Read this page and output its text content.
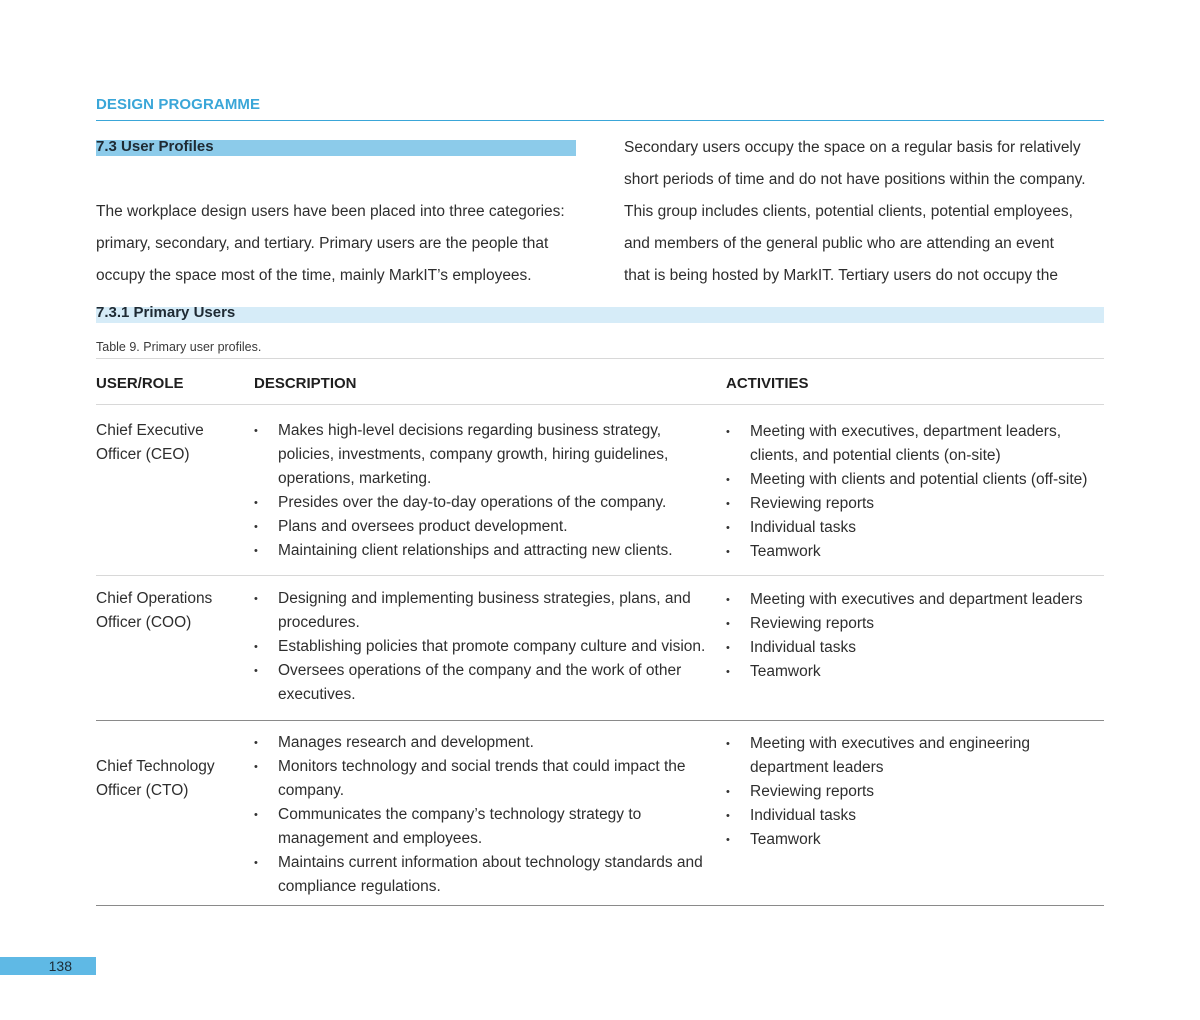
DESIGN PROGRAMME
7.3 User Profiles
The workplace design users have been placed into three categories:
primary, secondary, and tertiary. Primary users are the people that
occupy the space most of the time, mainly MarkIT’s employees.
Secondary users occupy the space on a regular basis for relatively
short periods of time and do not have positions within the company.
This group includes clients, potential clients, potential employees,
and members of the general public who are attending an event
that is being hosted by MarkIT. Tertiary users do not occupy the
7.3.1 Primary Users
Table 9. Primary user profiles.
USER/ROLE	DESCRIPTION	ACTIVITIES
Chief Executive
Officer (CEO)
• Makes high-level decisions regarding business strategy,
policies, investments, company growth, hiring guidelines,
operations, marketing.
• Presides over the day-to-day operations of the company.
• Plans and oversees product development.
• Maintaining client relationships and attracting new clients.
• Meeting with executives, department leaders,
clients, and potential clients (on-site)
• Meeting with clients and potential clients (off-site)
• Reviewing reports
• Individual tasks
• Teamwork
Chief Operations
Officer (COO)
• Designing and implementing business strategies, plans, and
procedures.
• Establishing policies that promote company culture and vision.
• Oversees operations of the company and the work of other
executives.
• Meeting with executives and department leaders
• Reviewing reports
• Individual tasks
• Teamwork
Chief Technology
Officer (CTO)
• Manages research and development.
• Monitors technology and social trends that could impact the
company.
• Communicates the company’s technology strategy to
management and employees.
• Maintains current information about technology standards and
compliance regulations.
• Meeting with executives and engineering
department leaders
• Reviewing reports
• Individual tasks
• Teamwork
138
